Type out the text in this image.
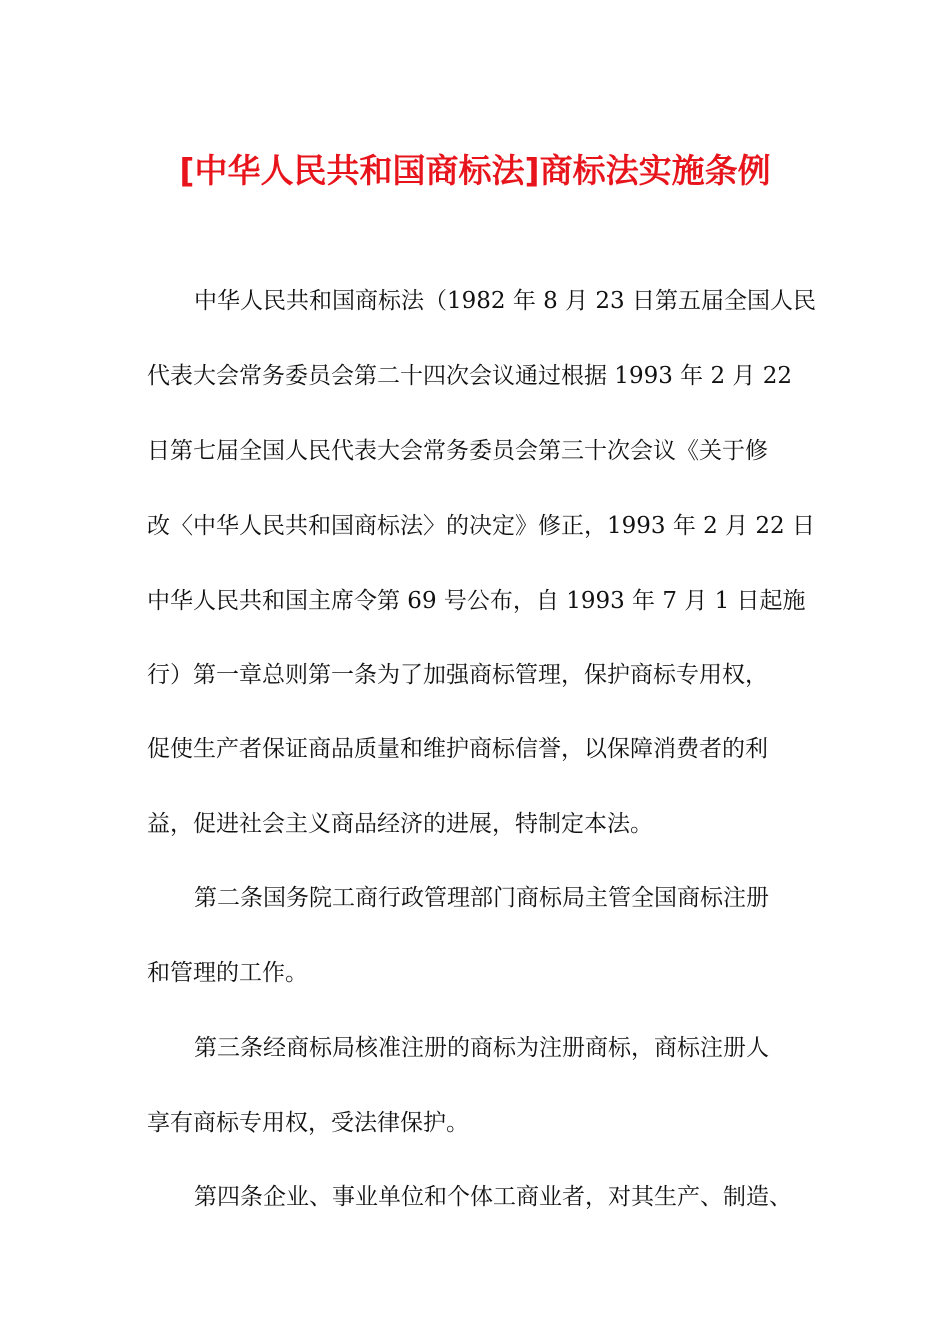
[中华人民共和国商标法]商标法实施条例
中华人民共和国商标法（1982 年 8 月 23 日第五届全国人民
代表大会常务委员会第二十四次会议通过根据 1993 年 2 月 22
日第七届全国人民代表大会常务委员会第三十次会议《关于修
改〈中华人民共和国商标法〉的决定》修正，1993 年 2 月 22 日
中华人民共和国主席令第 69 号公布，自 1993 年 7 月 1 日起施
行）第一章总则第一条为了加强商标管理，保护商标专用权，
促使生产者保证商品质量和维护商标信誉，以保障消费者的利
益，促进社会主义商品经济的进展，特制定本法。
第二条国务院工商行政管理部门商标局主管全国商标注册
和管理的工作。
第三条经商标局核准注册的商标为注册商标，商标注册人
享有商标专用权，受法律保护。
第四条企业、事业单位和个体工商业者，对其生产、制造、
